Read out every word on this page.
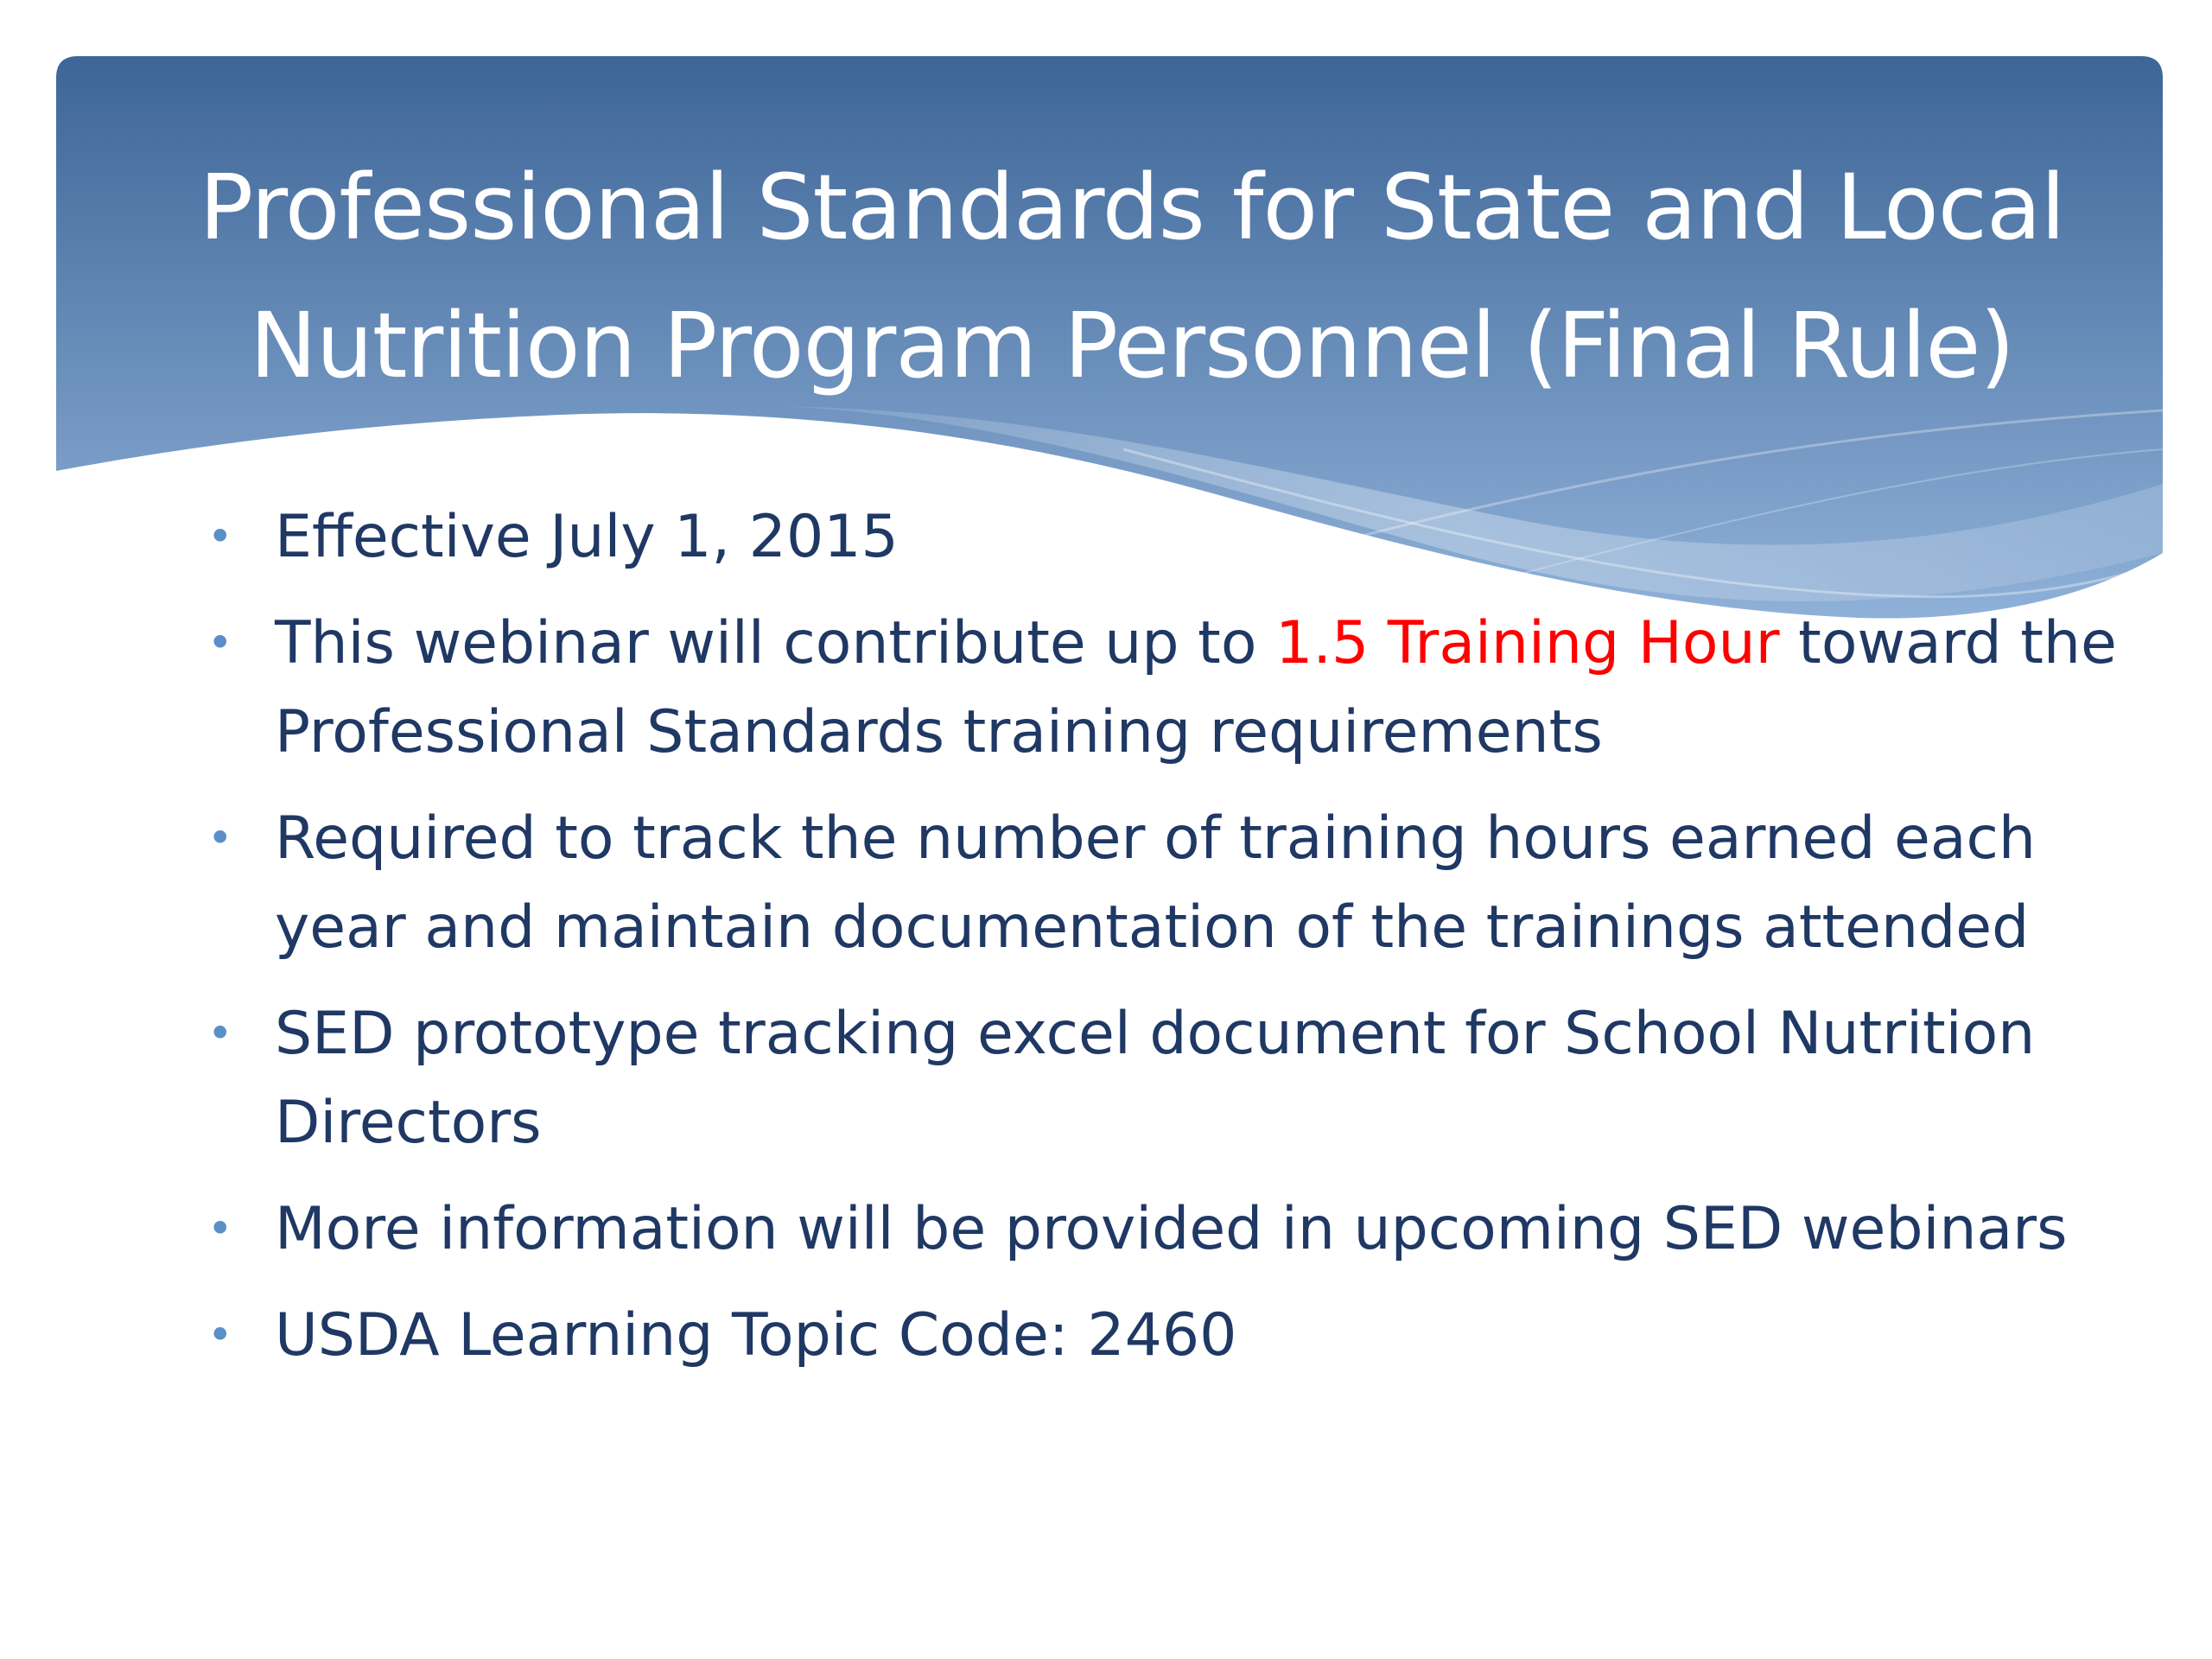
Professional Standards for State and Local
Nutrition Program Personnel (Final Rule)
• Effective July 1, 2015
• This webinar will contribute up to 1.5 Training Hour toward the Professional Standards training requirements
• Required to track the number of training hours earned each year and maintain documentation of the trainings attended
• SED prototype tracking excel document for School Nutrition Directors
• More information will be provided in upcoming SED webinars
• USDA Learning Topic Code: 2460
